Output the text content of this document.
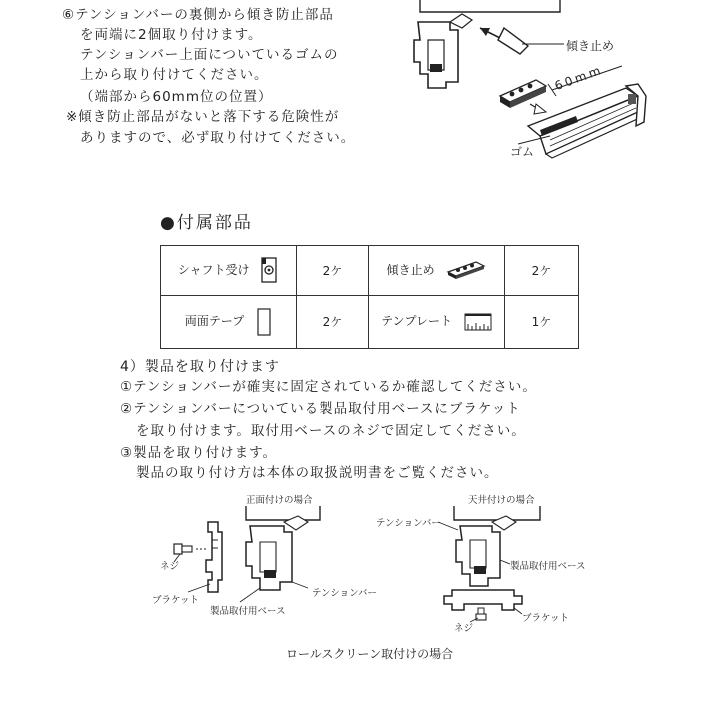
⑥テンションバーの裏側から傾き防止部品
を両端に2個取り付けます。
テンションバー上面についているゴムの
上から取り付けてください。
（端部から60mm位の位置）
※傾き防止部品がないと落下する危険性が
ありますので、必ず取り付けてください。
傾き止め
60mm
ゴム
●付属部品
シャフト受け	2ケ	傾き止め	2ケ
両面テープ	2ケ	テンプレート	1ケ
4）製品を取り付けます
①テンションバーが確実に固定されているか確認してください。
②テンションバーについている製品取付用ベースにブラケット
を取り付けます。取付用ベースのネジで固定してください。
③製品を取り付けます。
製品の取り付け方は本体の取扱説明書をご覧ください。
正面付けの場合
ネジ
ブラケット
製品取付用ベース
テンションバー
天井付けの場合
テンションバー
製品取付用ベース
ブラケット
ネジ
ロールスクリーン取付けの場合
